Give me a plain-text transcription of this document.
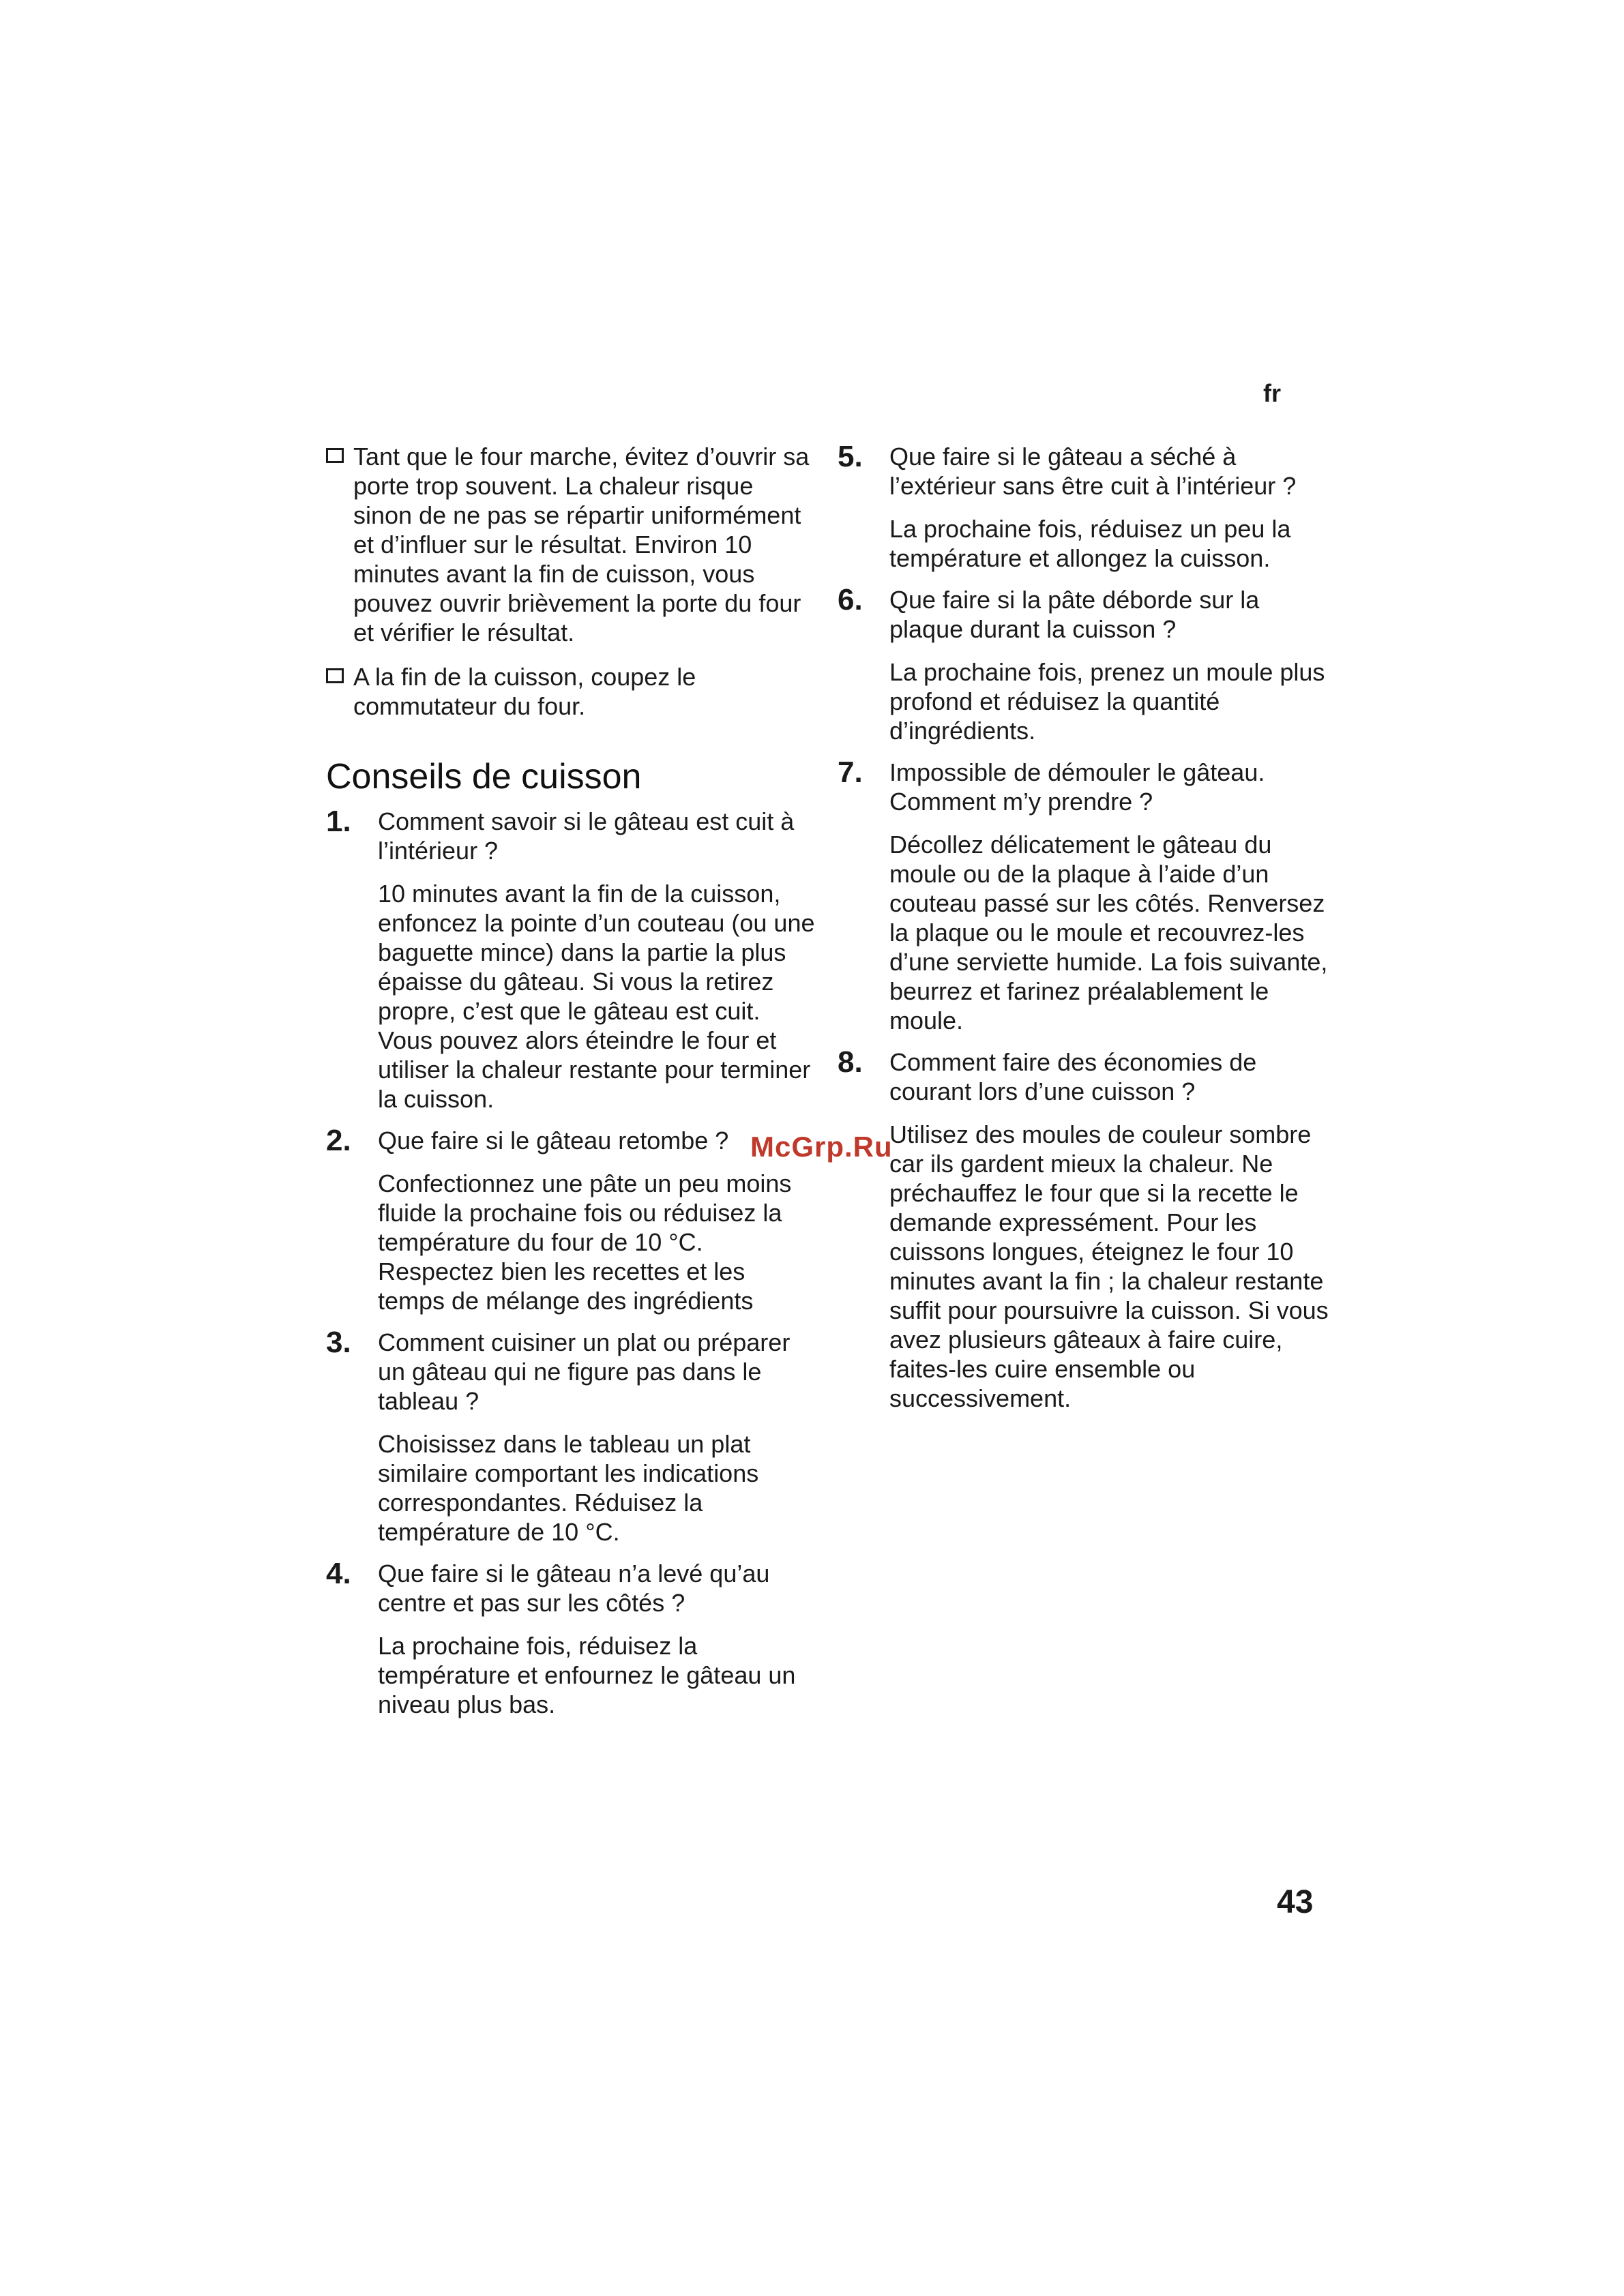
fr
Tant que le four marche, évitez d’ouvrir sa porte trop souvent. La chaleur risque sinon de ne pas se répartir uniformément et d’influer sur le résultat. Environ 10 minutes avant la fin de cuisson, vous pouvez ouvrir brièvement la porte du four et vérifier le résultat.
A la fin de la cuisson, coupez le commutateur du four.
Conseils de cuisson
1.	Comment savoir si le gâteau est cuit à l’intérieur ?
10 minutes avant la fin de la cuisson, enfoncez la pointe d’un couteau (ou une baguette mince) dans la partie la plus épaisse du gâteau. Si vous la retirez propre, c’est que le gâteau est cuit. Vous pouvez alors éteindre le four et utiliser la chaleur restante pour terminer la cuisson.
2.	Que faire si le gâteau retombe ?
Confectionnez une pâte un peu moins fluide la prochaine fois ou réduisez la température du four de 10 °C. Respectez bien les recettes et les temps de mélange des ingrédients
3.	Comment cuisiner un plat ou préparer un gâteau qui ne figure pas dans le tableau ?
Choisissez dans le tableau un plat similaire comportant les indications correspondantes. Réduisez la température de 10 °C.
4.	Que faire si le gâteau n’a levé qu’au centre et pas sur les côtés ?
La prochaine fois, réduisez la température et enfournez le gâteau un niveau plus bas.
5.	Que faire si le gâteau a séché à l’extérieur sans être cuit à l’intérieur ?
La prochaine fois, réduisez un peu la température et allongez la cuisson.
6.	Que faire si la pâte déborde sur la plaque durant la cuisson ?
La prochaine fois, prenez un moule plus profond et réduisez la quantité d’ingrédients.
7.	Impossible de démouler le gâteau. Comment m’y prendre ?
Décollez délicatement le gâteau du moule ou de la plaque à l’aide d’un couteau passé sur les côtés. Renversez la plaque ou le moule et recouvrez-les d’une serviette humide. La fois suivante, beurrez et farinez préalablement le moule.
8.	Comment faire des économies de courant lors d’une cuisson ?
Utilisez des moules de couleur sombre car ils gardent mieux la chaleur. Ne préchauffez le four que si la recette le demande expressément. Pour les cuissons longues, éteignez le four 10 minutes avant la fin ; la chaleur restante suffit pour poursuivre la cuisson. Si vous avez plusieurs gâteaux à faire cuire, faites-les cuire ensemble ou successivement.
McGrp.Ru
43
